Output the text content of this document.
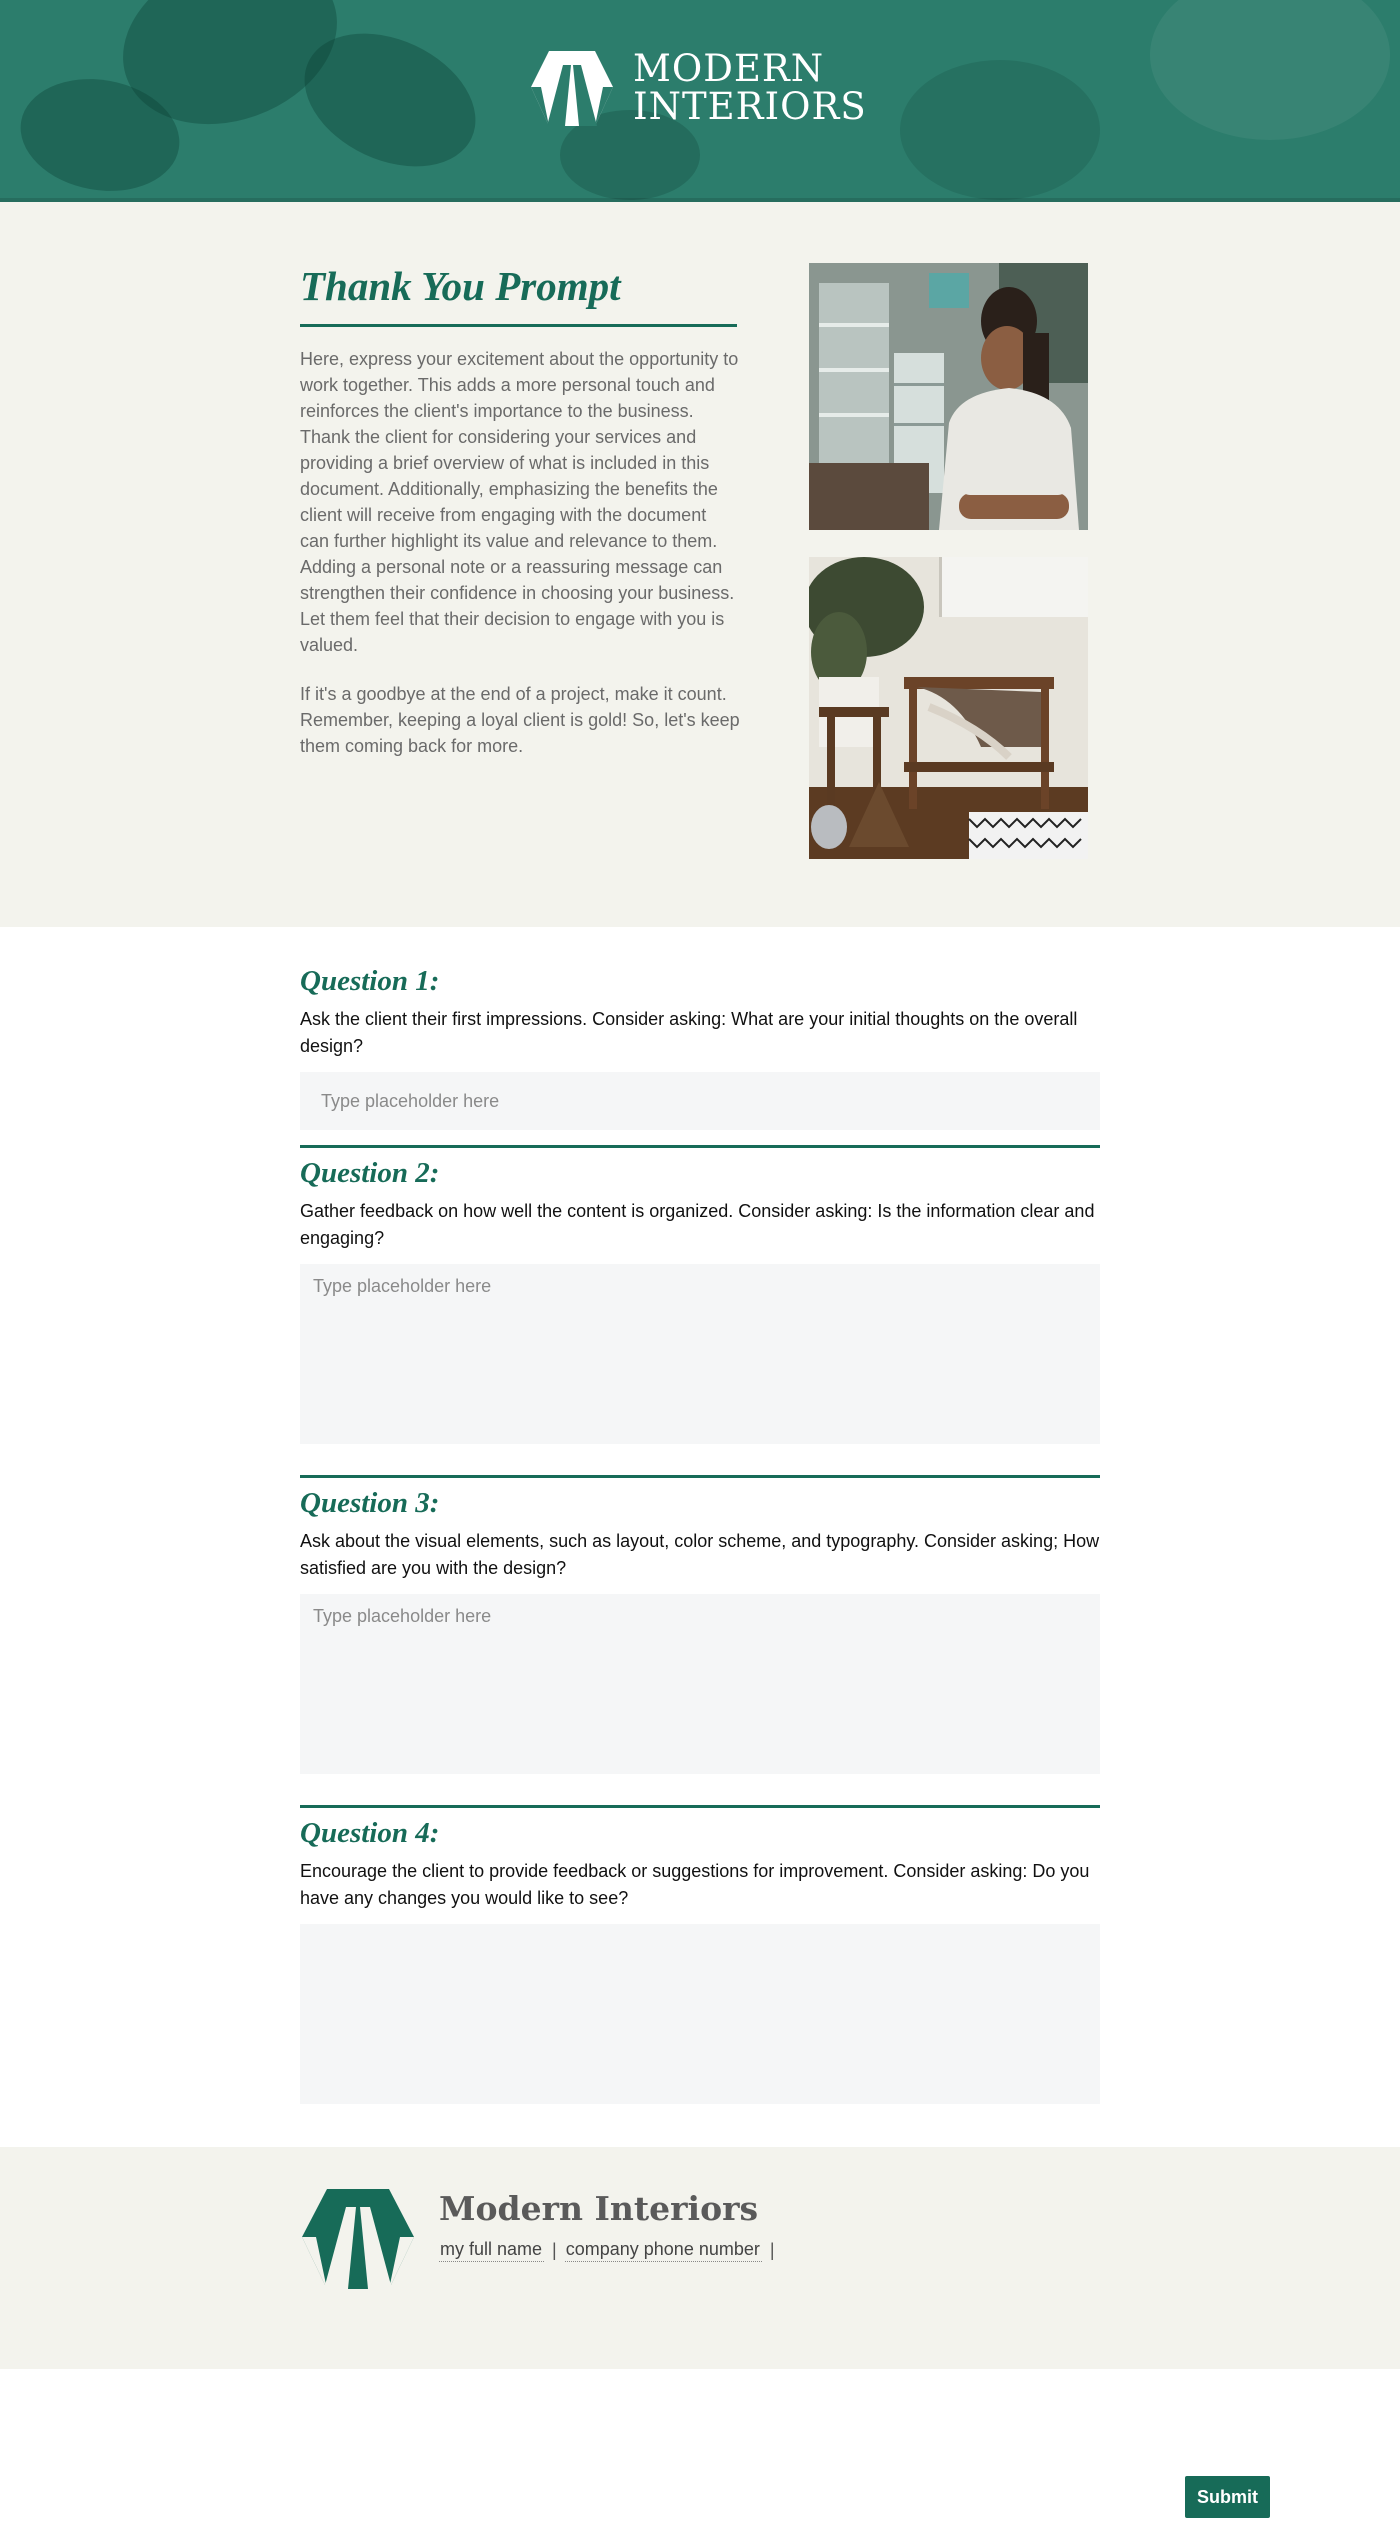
MODERN
INTERIORS
Thank You Prompt

Here, express your excitement about the opportunity to work together. This adds a more personal touch and reinforces the client's importance to the business. Thank the client for considering your services and providing a brief overview of what is included in this document. Additionally, emphasizing the benefits the client will receive from engaging with the document can further highlight its value and relevance to them. Adding a personal note or a reassuring message can strengthen their confidence in choosing your business. Let them feel that their decision to engage with you is valued.

If it's a goodbye at the end of a project, make it count. Remember, keeping a loyal client is gold! So, let's keep them coming back for more.

Question 1:

Ask the client their first impressions. Consider asking: What are your initial thoughts on the overall design?

Type placeholder here
Question 2:

Gather feedback on how well the content is organized. Consider asking: Is the information clear and engaging?

Type placeholder here
Question 3:

Ask about the visual elements, such as layout, color scheme, and typography. Consider asking; How satisfied are you with the design?

Type placeholder here
Question 4:

Encourage the client to provide feedback or suggestions for improvement. Consider asking: Do you have any changes you would like to see?

Modern Interiors
my full name | company phone number |
Submit
